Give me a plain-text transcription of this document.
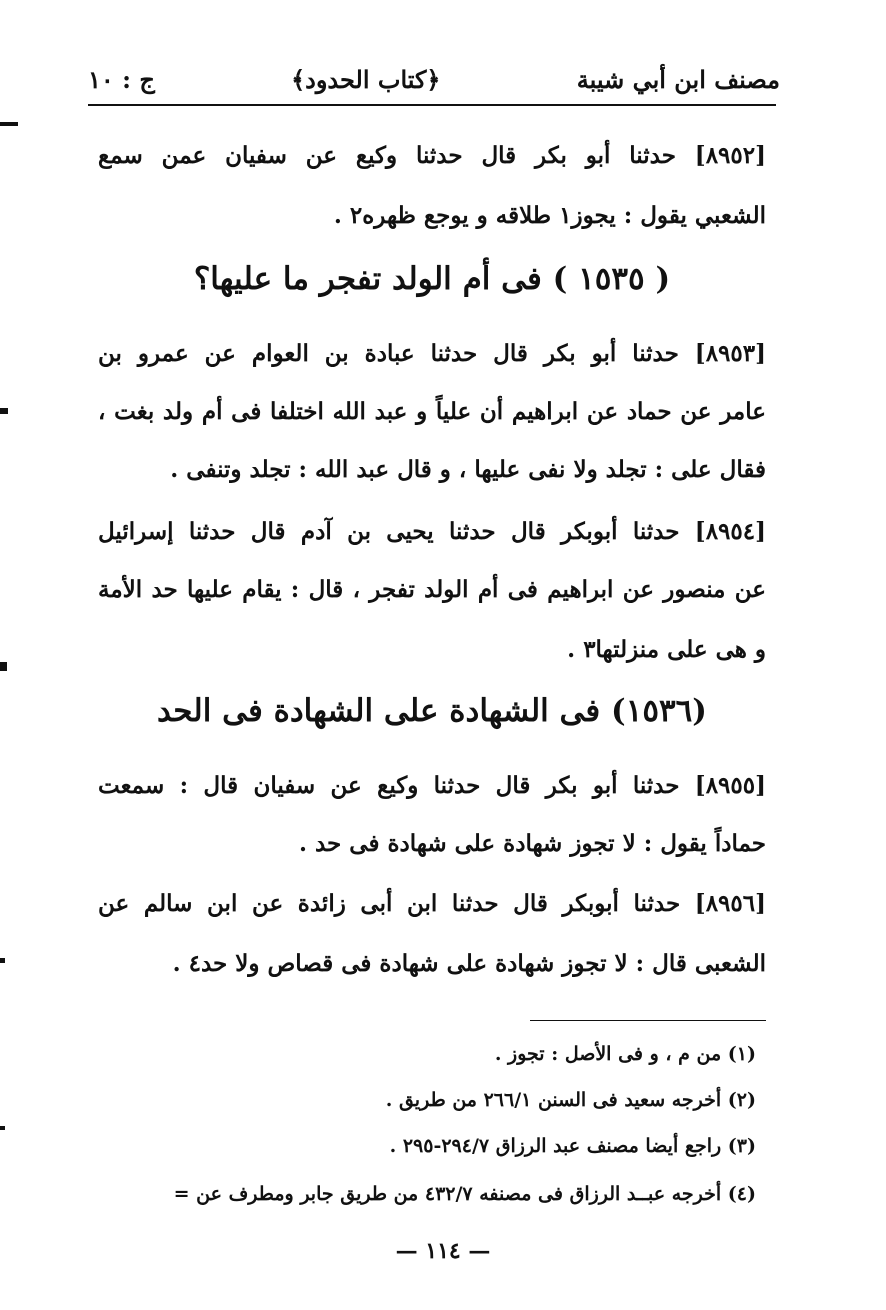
مصنف ابن أبي شيبة
﴿كتاب الحدود﴾
ج : ١٠
[٨٩٥٢] حدثنا أبو بكر قال حدثنا وكيع عن سفيان عمن سمع
الشعبي يقول : يجوز١ طلاقه و يوجع ظهره٢ .
( ١٥٣٥ ) فى أم الولد تفجر ما عليها؟
[٨٩٥٣] حدثنا أبو بكر قال حدثنا عبادة بن العوام عن عمرو بن
عامر عن حماد عن ابراهيم أن علياً و عبد الله اختلفا فى أم ولد بغت ،
فقال على : تجلد ولا نفى عليها ، و قال عبد الله : تجلد وتنفى .
[٨٩٥٤] حدثنا أبوبكر قال حدثنا يحيى بن آدم قال حدثنا إسرائيل
عن منصور عن ابراهيم فى أم الولد تفجر ، قال : يقام عليها حد الأمة
و هى على منزلتها٣ .
(١٥٣٦) فى الشهادة على الشهادة فى الحد
[٨٩٥٥] حدثنا أبو بكر قال حدثنا وكيع عن سفيان قال : سمعت
حماداً يقول : لا تجوز شهادة على شهادة فى حد .
[٨٩٥٦] حدثنا أبوبكر قال حدثنا ابن أبى زائدة عن ابن سالم عن
الشعبى قال : لا تجوز شهادة على شهادة فى قصاص ولا حد٤ .
(١) من م ، و فى الأصل : تجوز .
(٢) أخرجه سعيد فى السنن ٢٦٦/١ من طريق .
(٣) راجع أيضا مصنف عبد الرزاق ٢٩٤/٧-٢٩٥ .
(٤) أخرجه عبــد الرزاق فى مصنفه ٤٣٢/٧ من طريق جابر ومطرف عن =
— ١١٤ —
